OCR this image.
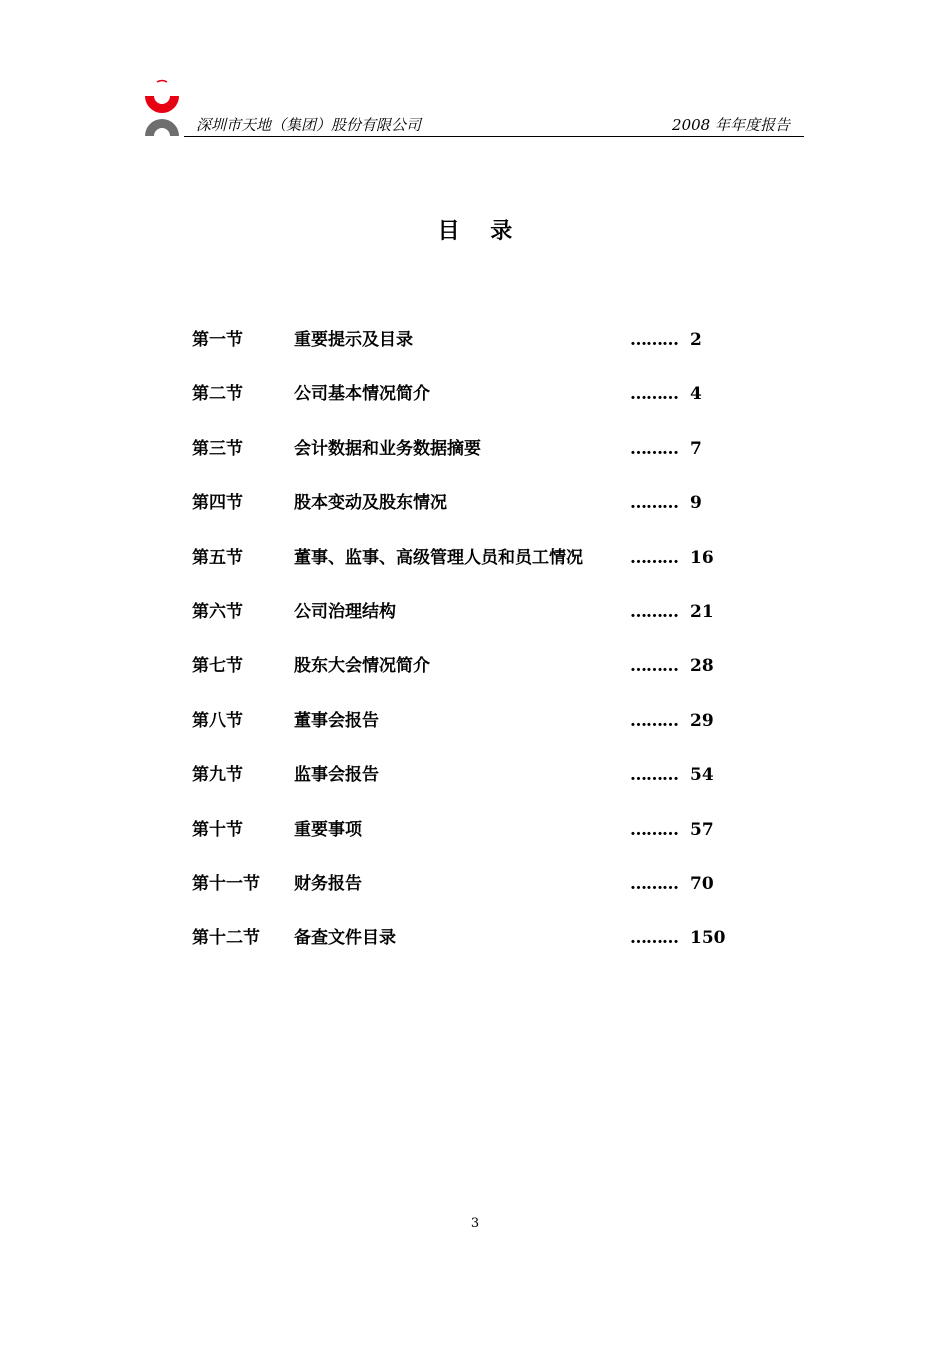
深圳市天地（集团）股份有限公司	2008 年年度报告
目    录
第一节	重要提示及目录	……… 2
第二节	公司基本情况简介	……… 4
第三节	会计数据和业务数据摘要	……… 7
第四节	股本变动及股东情况	……… 9
第五节	董事、监事、高级管理人员和员工情况	……… 16
第六节	公司治理结构	……… 21
第七节	股东大会情况简介	……… 28
第八节	董事会报告	……… 29
第九节	监事会报告	……… 54
第十节	重要事项	……… 57
第十一节 财务报告	……… 70
第十二节 备查文件目录	……… 150
3
